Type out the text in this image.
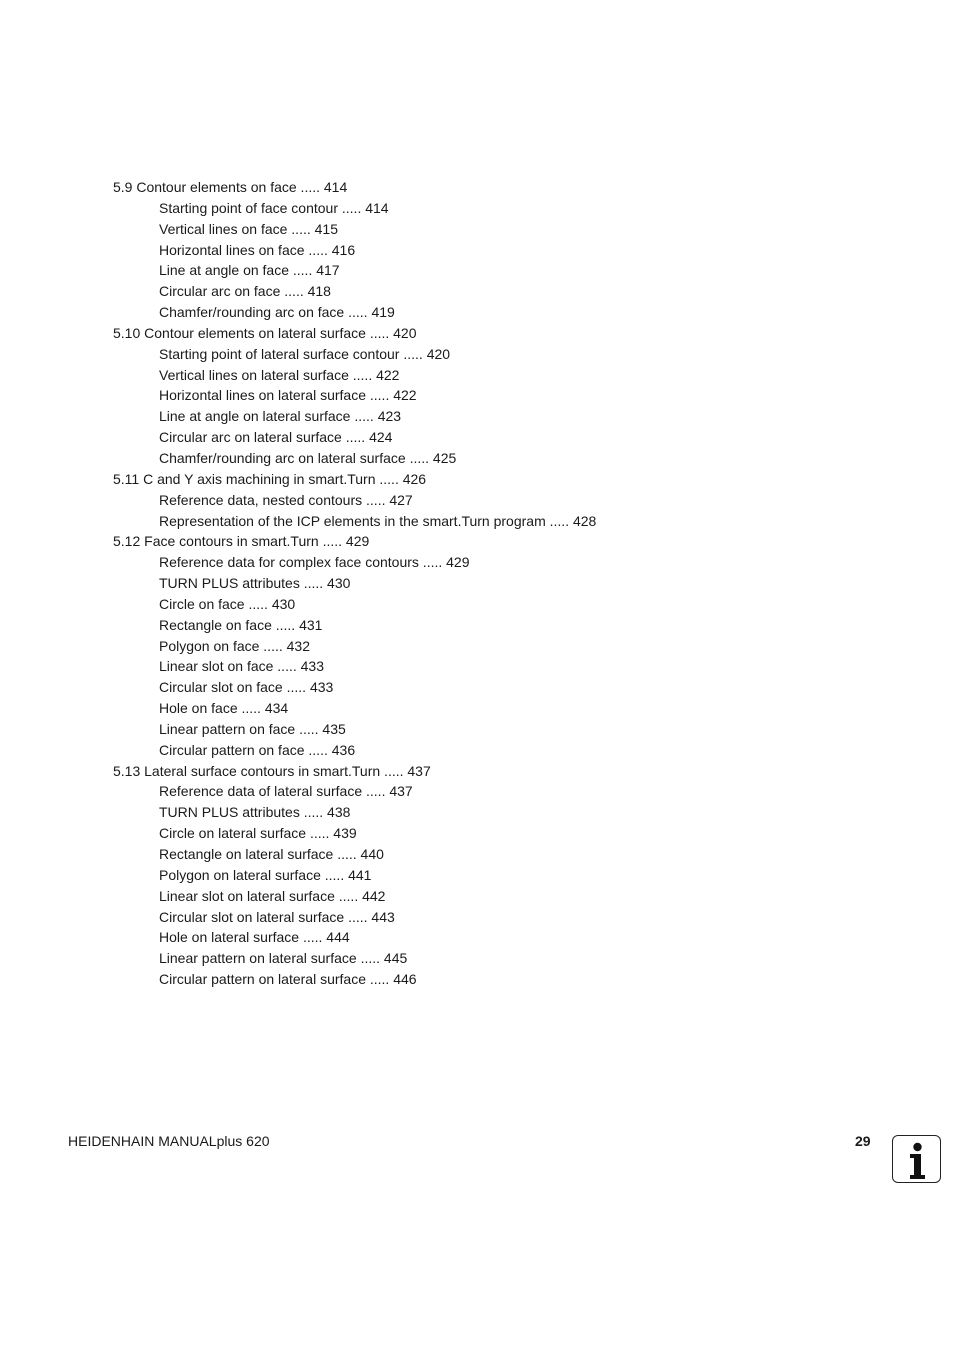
5.9 Contour elements on face ..... 414
Starting point of face contour ..... 414
Vertical lines on face ..... 415
Horizontal lines on face ..... 416
Line at angle on face ..... 417
Circular arc on face ..... 418
Chamfer/rounding arc on face ..... 419
5.10 Contour elements on lateral surface ..... 420
Starting point of lateral surface contour ..... 420
Vertical lines on lateral surface ..... 422
Horizontal lines on lateral surface ..... 422
Line at angle on lateral surface ..... 423
Circular arc on lateral surface ..... 424
Chamfer/rounding arc on lateral surface ..... 425
5.11 C and Y axis machining in smart.Turn ..... 426
Reference data, nested contours ..... 427
Representation of the ICP elements in the smart.Turn program ..... 428
5.12 Face contours in smart.Turn ..... 429
Reference data for complex face contours ..... 429
TURN PLUS attributes ..... 430
Circle on face ..... 430
Rectangle on face ..... 431
Polygon on face ..... 432
Linear slot on face ..... 433
Circular slot on face ..... 433
Hole on face ..... 434
Linear pattern on face ..... 435
Circular pattern on face ..... 436
5.13 Lateral surface contours in smart.Turn ..... 437
Reference data of lateral surface ..... 437
TURN PLUS attributes ..... 438
Circle on lateral surface ..... 439
Rectangle on lateral surface ..... 440
Polygon on lateral surface ..... 441
Linear slot on lateral surface ..... 442
Circular slot on lateral surface ..... 443
Hole on lateral surface ..... 444
Linear pattern on lateral surface ..... 445
Circular pattern on lateral surface ..... 446
HEIDENHAIN MANUALplus 620	29
